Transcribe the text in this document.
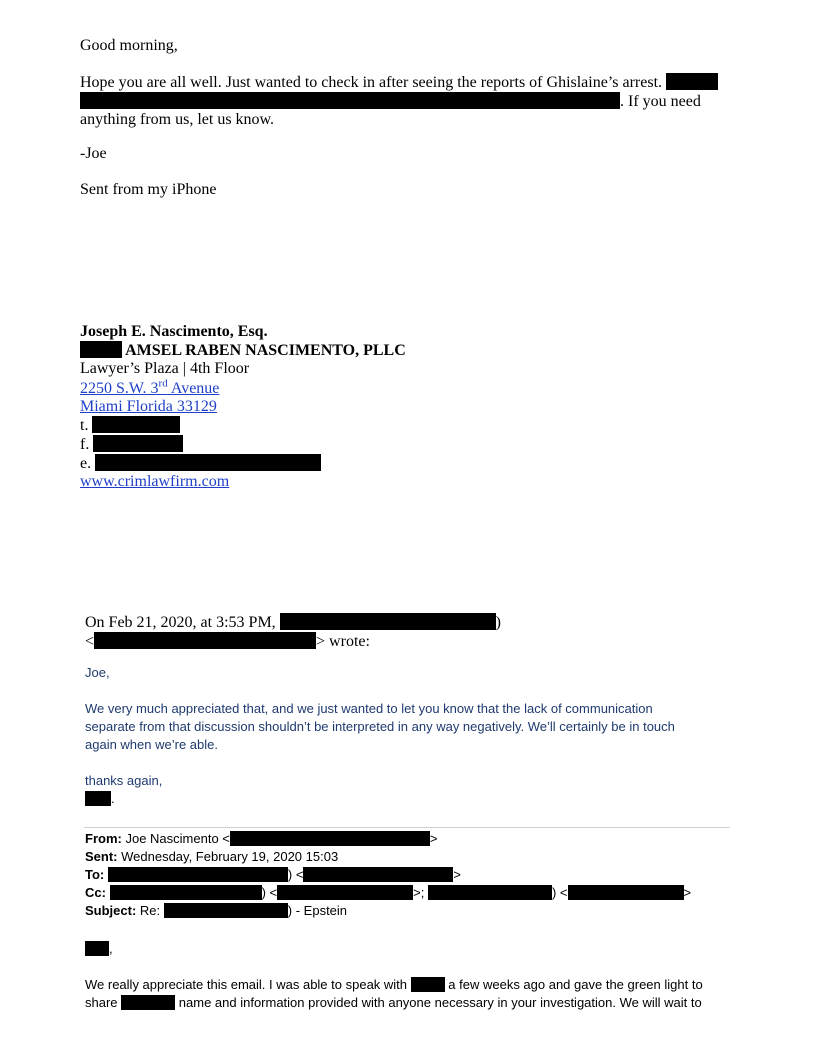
Good morning,

Hope you are all well. Just wanted to check in after seeing the reports of Ghislaine’s arrest.

. If you need

anything from us, let us know.

-Joe
Sent from my iPhone

Joseph E. Nascimento, Esq.

AMSEL RABEN NASCIMENTO, PLLC

Lawyer’s Plaza | 4th Floor

2250 S.W. 3rd Avenue

Miami Florida 33129

t.

f.

e.

www.crimlawfirm.com

On Feb 21, 2020, at 3:53 PM,	)

<	> wrote:

Joe,

We very much appreciated that, and we just wanted to let you know that the lack of communication

separate from that discussion shouldn’t be interpreted in any way negatively. We’ll certainly be in touch

again when we’re able.

thanks again,

.

From: Joe Nascimento <	>

Sent: Wednesday, February 19, 2020 15:03

To:	) <	>

Cc:	) <	>;	) <	>

Subject: Re:	) - Epstein

,

We really appreciate this email. I was able to speak with	a few weeks ago and gave the green light to

share	name and information provided with anyone necessary in your investigation. We will wait to
